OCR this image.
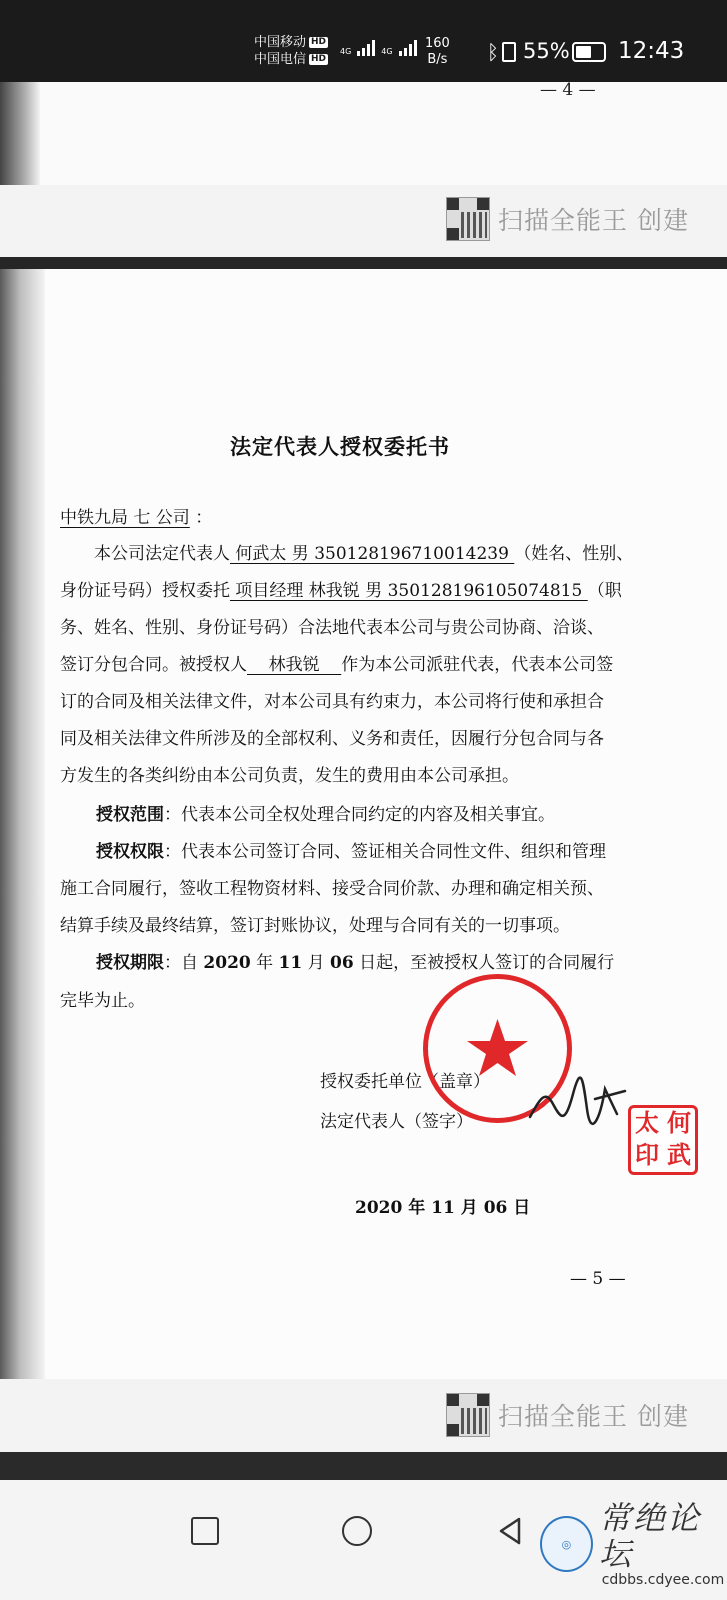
中国移动 HD
中国电信 HD
4G	4G
160
B/s ᛒ 55% 12:43
— 4 —
扫描全能王 创建
法定代表人授权委托书
中铁九局 七 公司 ：
本公司法定代表人 何武太 男 350128196710014239 （姓名、性别、
身份证号码）授权委托 项目经理 林我锐 男 350128196105074815 （职
务、姓名、性别、身份证号码）合法地代表本公司与贵公司协商、洽谈、
签订分包合同。被授权人    林我锐    作为本公司派驻代表，代表本公司签
订的合同及相关法律文件，对本公司具有约束力，本公司将行使和承担合
同及相关法律文件所涉及的全部权利、义务和责任，因履行分包合同与各
方发生的各类纠纷由本公司负责，发生的费用由本公司承担。
授权范围：代表本公司全权处理合同约定的内容及相关事宜。
授权权限：代表本公司签订合同、签证相关合同性文件、组织和管理
施工合同履行，签收工程物资材料、接受合同价款、办理和确定相关预、
结算手续及最终结算，签订封账协议，处理与合同有关的一切事项。
授权期限：自 2020 年 11 月 06 日起，至被授权人签订的合同履行
完毕为止。
授权委托单位（盖章）
法定代表人（签字）
2020 年 11 月 06 日
— 5 —
太 何
印 武
扫描全能王 创建
◎
常绝论坛
cdbbs.cdyee.com
